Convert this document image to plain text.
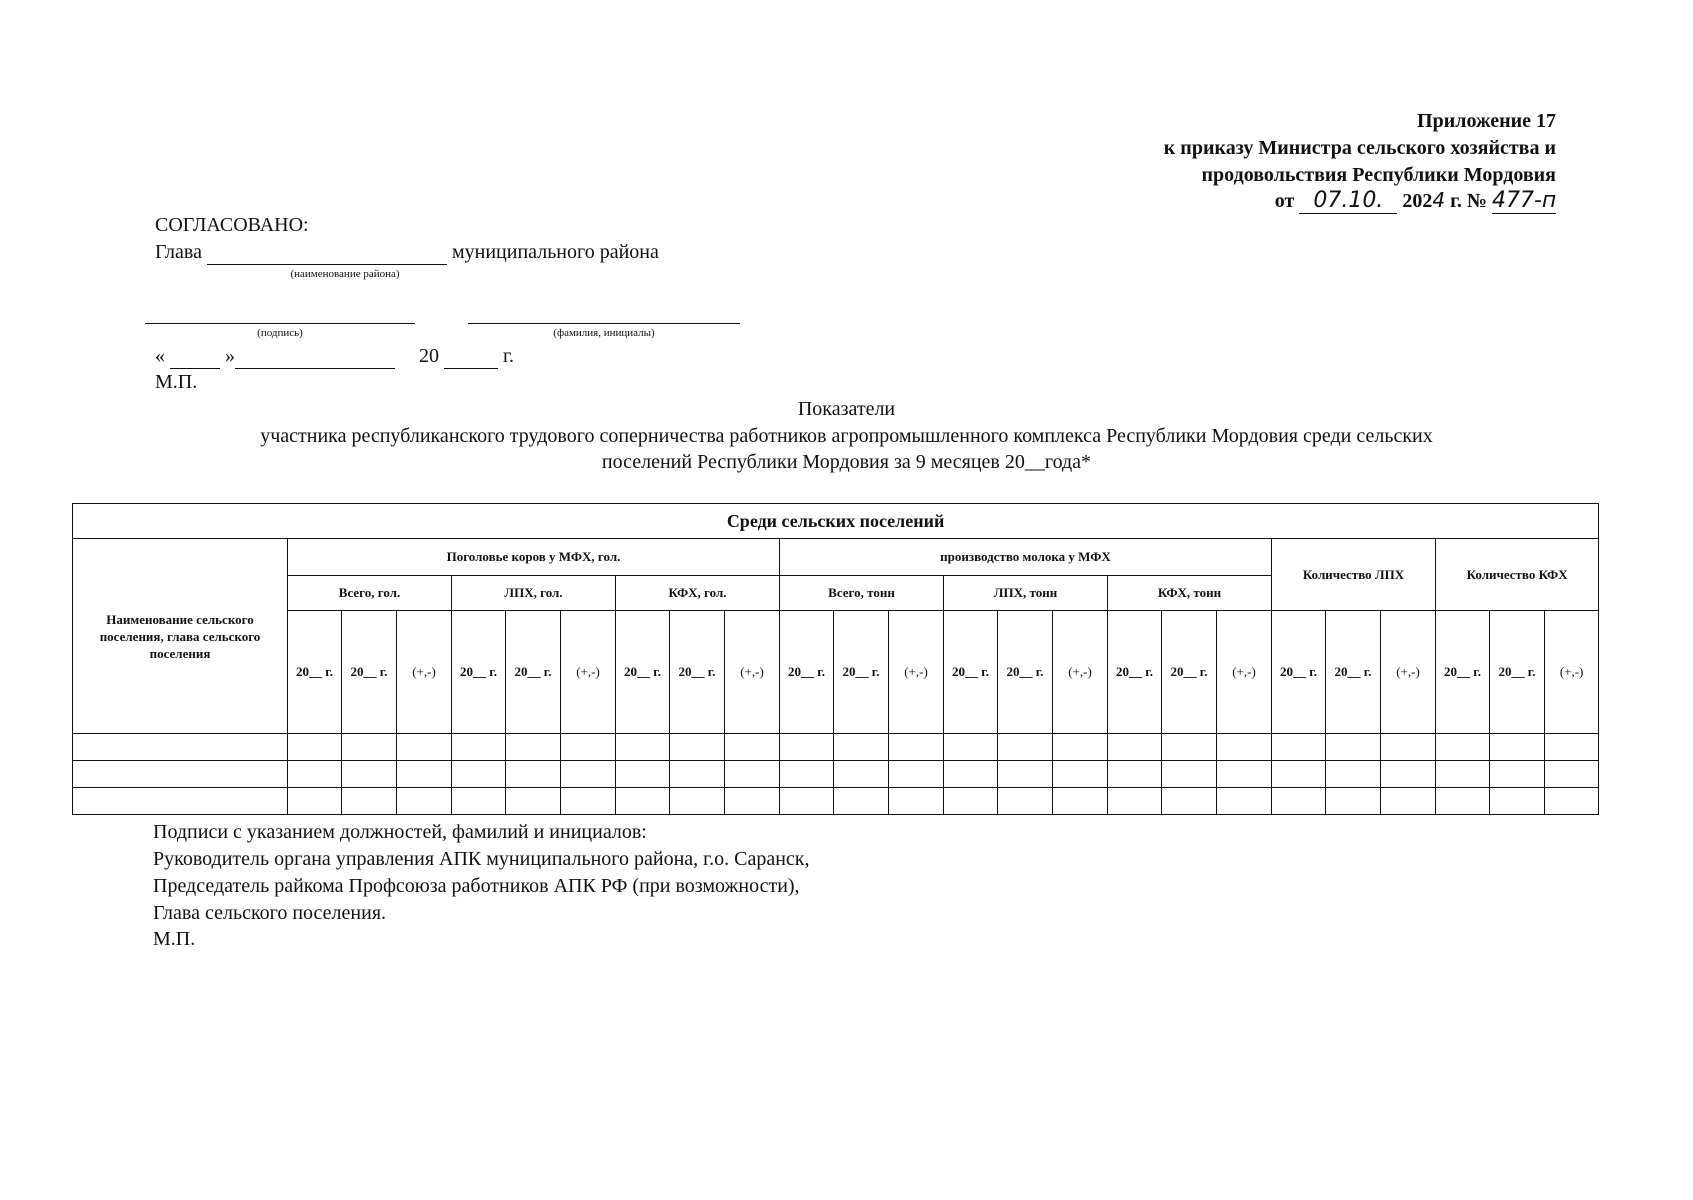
Приложение 17
к приказу Министра сельского хозяйства и
продовольствия Республики Мордовия
от 07.10. 2024 г. № 477-п
СОГЛАСОВАНО:
Глава	муниципального района
(наименование района)
(подпись)	(фамилия, инициалы)
«	»	20	г.
М.П.
Показатели
участника республиканского трудового соперничества работников агропромышленного комплекса Республики Мордовия среди сельских
поселений Республики Мордовия за 9 месяцев 20__года*
Среди сельских поселений																								
Наименование сельского поселения, глава сельского поселения	Поголовье коров у МФХ, гол.									производство молока у МФХ									Количество ЛПХ			Количество КФХ		
	Всего, гол.			ЛПХ, гол.			КФХ, гол.			Всего, тонн			ЛПХ, тонн			КФХ, тонн								
	20__ г.	20__ г.	(+,-)	20__ г.	20__ г.	(+,-)	20__ г.	20__ г.	(+,-)	20__ г.	20__ г.	(+,-)	20__ г.	20__ г.	(+,-)	20__ г.	20__ г.	(+,-)	20__ г.	20__ г.	(+,-)	20__ г.	20__ г.	(+,-)

Подписи с указанием должностей, фамилий и инициалов:
Руководитель органа управления АПК муниципального района, г.о. Саранск,
Председатель райкома Профсоюза работников АПК РФ (при возможности),
Глава сельского поселения.
М.П.
